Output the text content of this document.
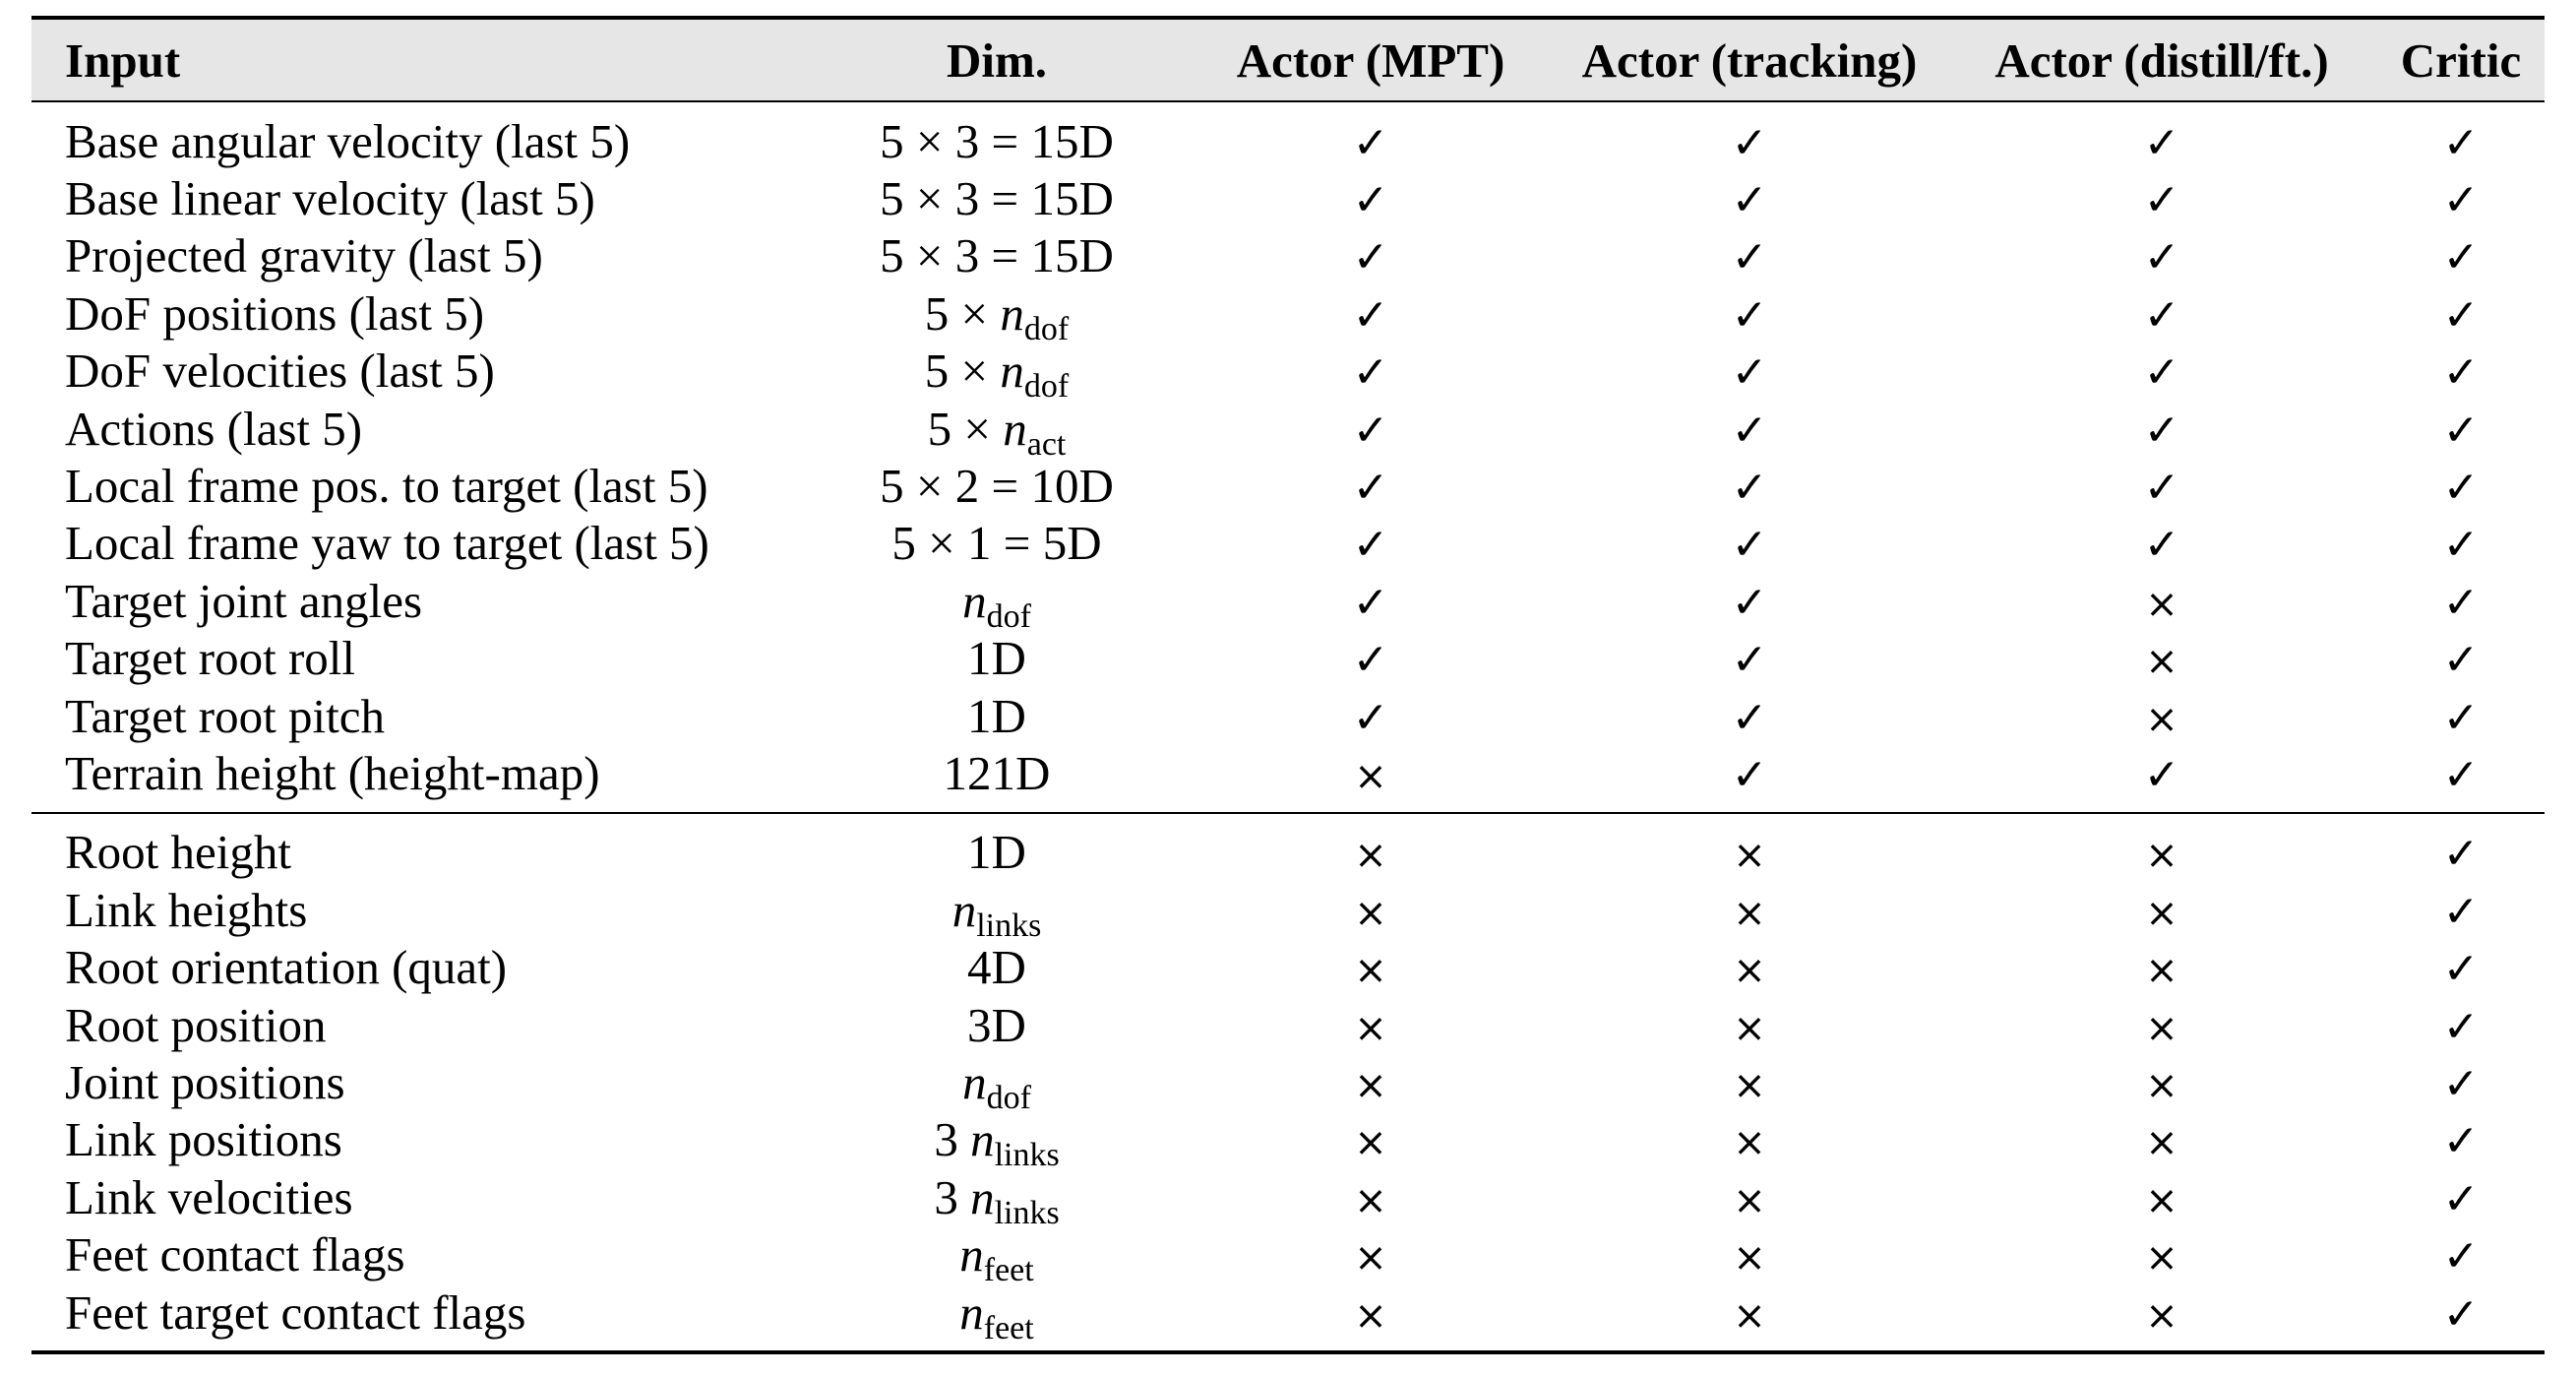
Input	Dim.	Actor (MPT)	Actor (tracking)	Actor (distill/ft.)	Critic
Base angular velocity (last 5)	5 × 3 = 15D	✓	✓	✓	✓
Base linear velocity (last 5)	5 × 3 = 15D	✓	✓	✓	✓
Projected gravity (last 5)	5 × 3 = 15D	✓	✓	✓	✓
DoF positions (last 5)	$5 \times n_{dof}$	✓	✓	✓	✓
DoF velocities (last 5)	$5 \times n_{dof}$	✓	✓	✓	✓
Actions (last 5)	$5 \times n_{act}$	✓	✓	✓	✓
Local frame pos. to target (last 5)	5 × 2 = 10D	✓	✓	✓	✓
Local frame yaw to target (last 5)	5 × 1 = 5D	✓	✓	✓	✓
Target joint angles	$n_{dof}$	✓	✓	×	✓
Target root roll	1D	✓	✓	×	✓
Target root pitch	1D	✓	✓	×	✓
Terrain height (height-map)	121D	×	✓	✓	✓
Root height	1D	×	×	×	✓
Link heights	$n_{links}$	×	×	×	✓
Root orientation (quat)	4D	×	×	×	✓
Root position	3D	×	×	×	✓
Joint positions	$n_{dof}$	×	×	×	✓
Link positions	3 $n_{links}$	×	×	×	✓
Link velocities	3 $n_{links}$	×	×	×	✓
Feet contact flags	$n_{feet}$	×	×	×	✓
Feet target contact flags	$n_{feet}$	×	×	×	✓
